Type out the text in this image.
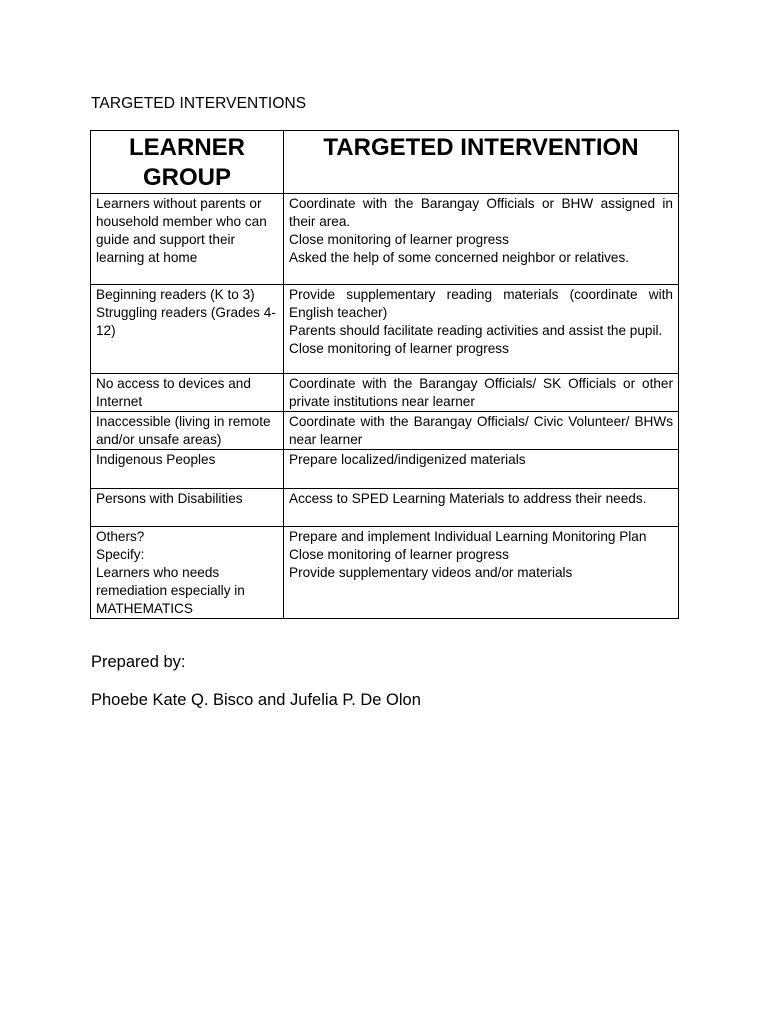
TARGETED INTERVENTIONS
LEARNER
GROUP	TARGETED INTERVENTION

Learners without parents or household member who can guide and support their learning at home	Coordinate with the Barangay Officials or BHW assigned in their area.
Close monitoring of learner progress
Asked the help of some concerned neighbor or relatives.

Beginning readers (K to 3)
Struggling readers (Grades 4-12)	Provide supplementary reading materials (coordinate with English teacher)
Parents should facilitate reading activities and assist the pupil.
Close monitoring of learner progress

No access to devices and Internet	Coordinate with the Barangay Officials/ SK Officials or other private institutions near learner

Inaccessible (living in remote and/or unsafe areas)	Coordinate with the Barangay Officials/ Civic Volunteer/ BHWs near learner

Indigenous Peoples	Prepare localized/indigenized materials

Persons with Disabilities	Access to SPED Learning Materials to address their needs.

Others?
Specify:
Learners who needs remediation especially in MATHEMATICS	Prepare and implement Individual Learning Monitoring Plan
Close monitoring of learner progress
Provide supplementary videos and/or materials
Prepared by:
Phoebe Kate Q. Bisco and Jufelia P. De Olon
